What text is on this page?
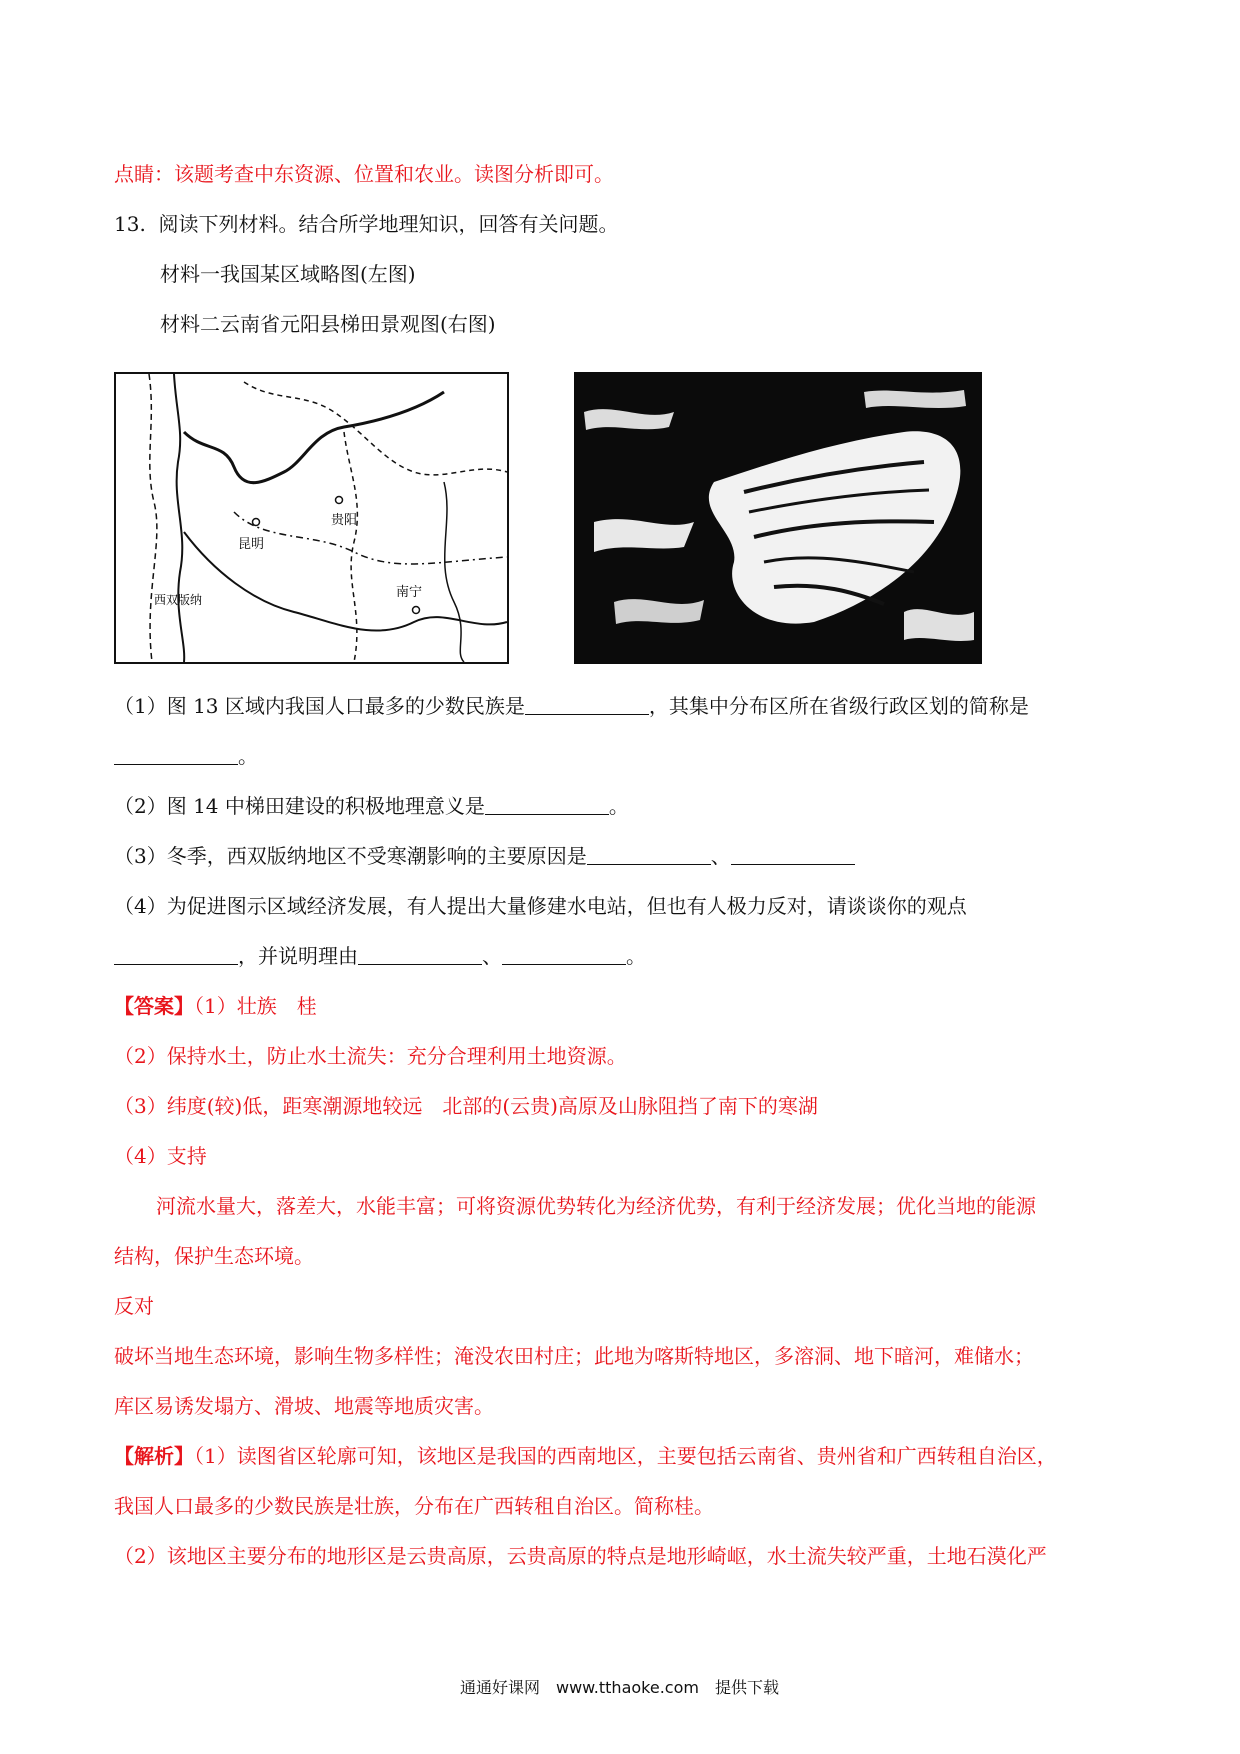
点睛：该题考查中东资源、位置和农业。读图分析即可。
13. 阅读下列材料。结合所学地理知识，回答有关问题。
材料一我国某区域略图(左图)
材料二云南省元阳县梯田景观图(右图)
贵阳
昆明
南宁
西双版纳
（1）图 13 区域内我国人口最多的少数民族是	，其集中分布区所在省级行政区划的简称是
。
（2）图 14 中梯田建设的积极地理意义是	。
（3）冬季，西双版纳地区不受寒潮影响的主要原因是	、
（4）为促进图示区域经济发展，有人提出大量修建水电站，但也有人极力反对，请谈谈你的观点
，并说明理由	、	。
【答案】（1）壮族　桂
（2）保持水土，防止水土流失：充分合理利用土地资源。
（3）纬度(较)低，距寒潮源地较远　北部的(云贵)高原及山脉阻挡了南下的寒湖
（4）支持
河流水量大，落差大，水能丰富；可将资源优势转化为经济优势，有利于经济发展；优化当地的能源
结构，保护生态环境。
反对
破坏当地生态环境，影响生物多样性；淹没农田村庄；此地为喀斯特地区，多溶洞、地下暗河，难储水；
库区易诱发塌方、滑坡、地震等地质灾害。
【解析】（1）读图省区轮廓可知，该地区是我国的西南地区，主要包括云南省、贵州省和广西转租自治区，
我国人口最多的少数民族是壮族，分布在广西转租自治区。简称桂。
（2）该地区主要分布的地形区是云贵高原，云贵高原的特点是地形崎岖，水土流失较严重，土地石漠化严
通通好课网　www.tthaoke.com　提供下载
